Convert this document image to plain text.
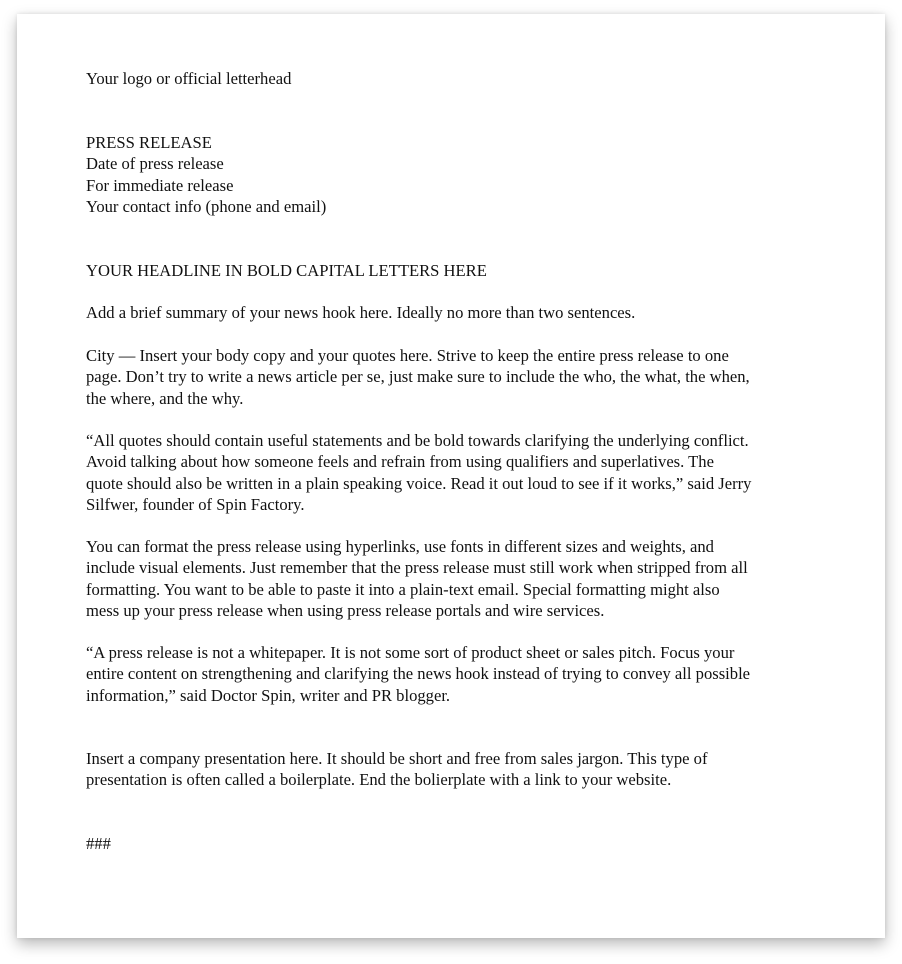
Your logo or official letterhead
PRESS RELEASE
Date of press release
For immediate release
Your contact info (phone and email)
YOUR HEADLINE IN BOLD CAPITAL LETTERS HERE
Add a brief summary of your news hook here. Ideally no more than two sentences.
City — Insert your body copy and your quotes here. Strive to keep the entire press release to one
page. Don’t try to write a news article per se, just make sure to include the who, the what, the when,
the where, and the why.
“All quotes should contain useful statements and be bold towards clarifying the underlying conflict.
Avoid talking about how someone feels and refrain from using qualifiers and superlatives. The
quote should also be written in a plain speaking voice. Read it out loud to see if it works,” said Jerry
Silfwer, founder of Spin Factory.
You can format the press release using hyperlinks, use fonts in different sizes and weights, and
include visual elements. Just remember that the press release must still work when stripped from all
formatting. You want to be able to paste it into a plain-text email. Special formatting might also
mess up your press release when using press release portals and wire services.
“A press release is not a whitepaper. It is not some sort of product sheet or sales pitch. Focus your
entire content on strengthening and clarifying the news hook instead of trying to convey all possible
information,” said Doctor Spin, writer and PR blogger.
Insert a company presentation here. It should be short and free from sales jargon. This type of
presentation is often called a boilerplate. End the bolierplate with a link to your website.
###
